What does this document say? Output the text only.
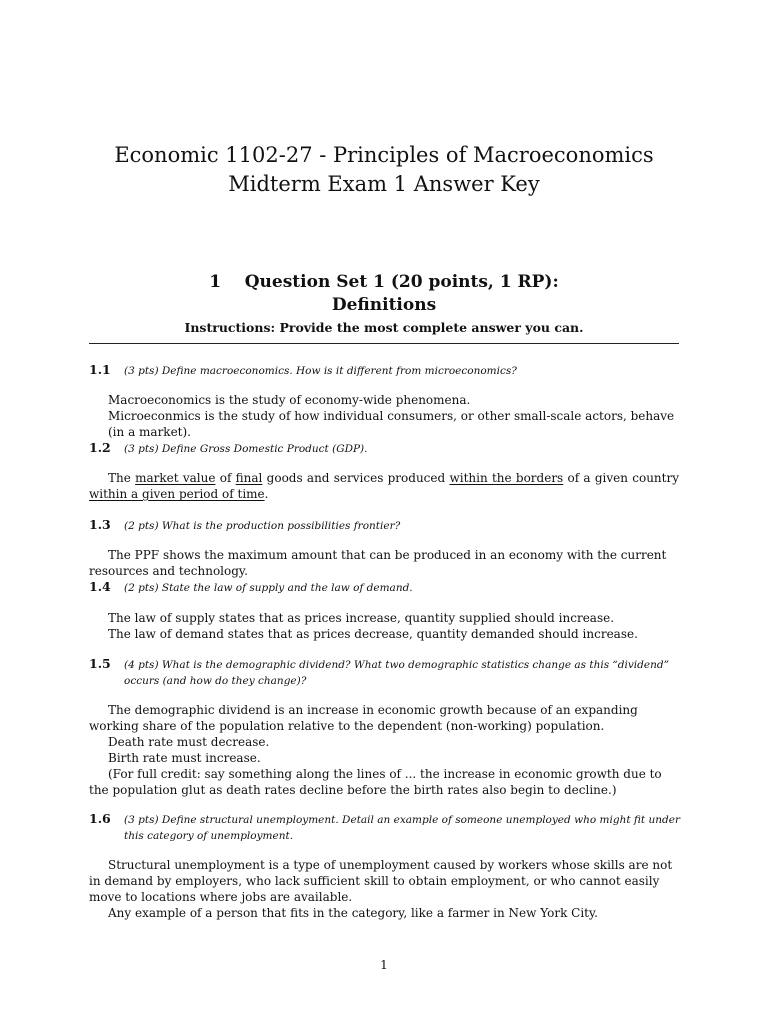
Economic 1102-27 - Principles of Macroeconomics
Midterm Exam 1 Answer Key
1    Question Set 1 (20 points, 1 RP):
Definitions
Instructions: Provide the most complete answer you can.
1.1 (3 pts) Define macroeconomics. How is it different from microeconomics?

Macroeconomics is the study of economy-wide phenomena.

Microeconmics is the study of how individual consumers, or other small-scale actors, behave (in a market).

1.2 (3 pts) Define Gross Domestic Product (GDP).

The market value of final goods and services produced within the borders of a given country within a given period of time.

1.3 (2 pts) What is the production possibilities frontier?

The PPF shows the maximum amount that can be produced in an economy with the current resources and technology.

1.4 (2 pts) State the law of supply and the law of demand.

The law of supply states that as prices increase, quantity supplied should increase.

The law of demand states that as prices decrease, quantity demanded should increase.

1.5 (4 pts) What is the demographic dividend? What two demographic statistics change as this “dividend” occurs (and how do they change)?

The demographic dividend is an increase in economic growth because of an expanding working share of the population relative to the dependent (non-working) population.

Death rate must decrease.

Birth rate must increase.

(For full credit: say something along the lines of ... the increase in economic growth due to the population glut as death rates decline before the birth rates also begin to decline.)

1.6 (3 pts) Define structural unemployment. Detail an example of someone unemployed who might fit under this category of unemployment.

Structural unemployment is a type of unemployment caused by workers whose skills are not in demand by employers, who lack sufficient skill to obtain employment, or who cannot easily move to locations where jobs are available.

Any example of a person that fits in the category, like a farmer in New York City.

1
